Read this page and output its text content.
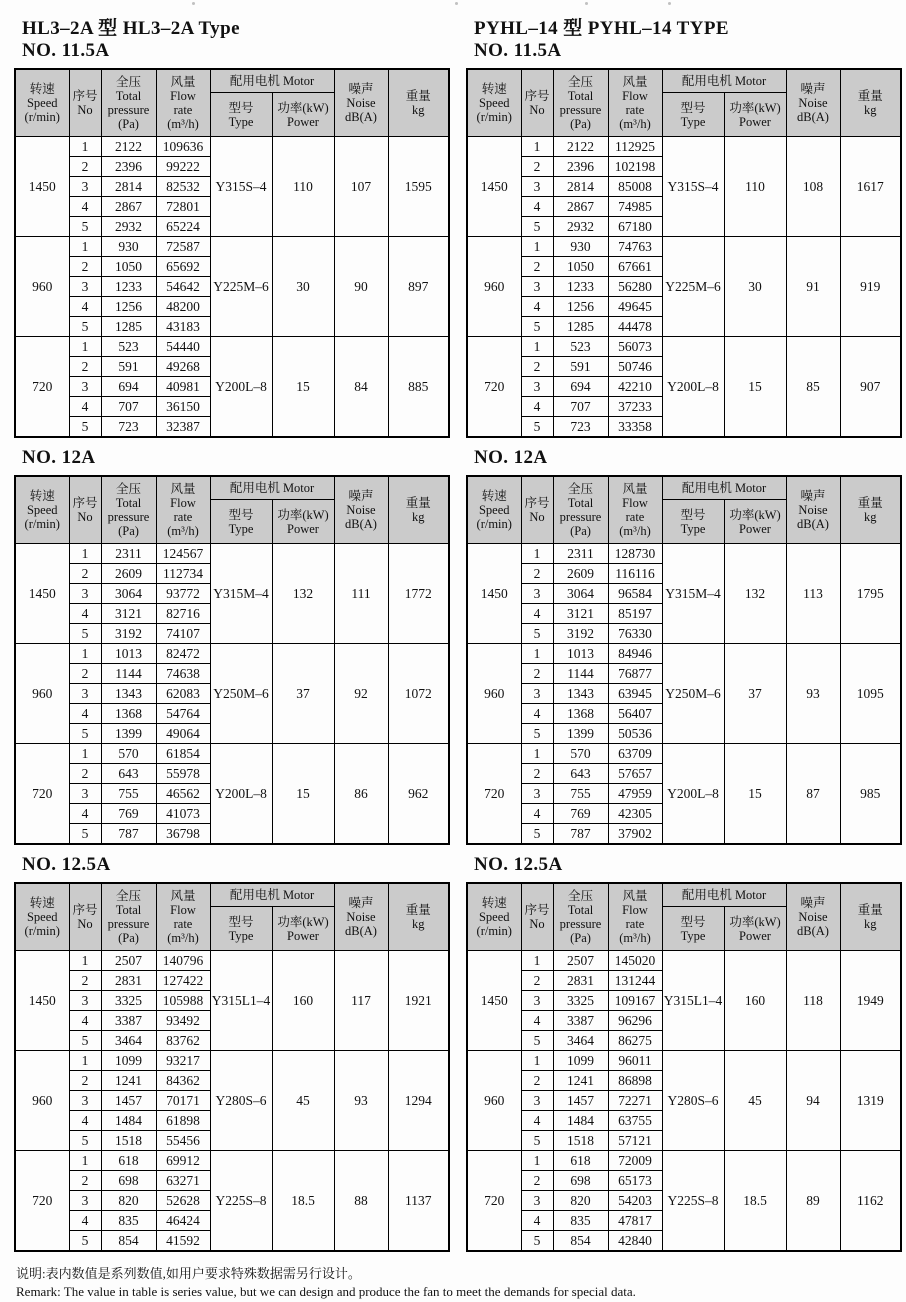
HL3–2A 型 HL3–2A Type
NO. 11.5A
转速
Speed
(r/min)	序号
No	全压
Total
pressure
(Pa)	风量
Flow
rate
(m³/h)	配用电机 Motor		噪声
Noise
dB(A)	重量
kg

				型号
Type	功率(kW)
Power		

1450	1	2122	109636	Y315S–4	110	107	1595
	2	2396	99222				
	3	2814	82532				
	4	2867	72801				
	5	2932	65224				
960	1	930	72587	Y225M–6	30	90	897
	2	1050	65692				
	3	1233	54642				
	4	1256	48200				
	5	1285	43183				
720	1	523	54440	Y200L–8	15	84	885
	2	591	49268				
	3	694	40981				
	4	707	36150				
	5	723	32387				
PYHL–14 型 PYHL–14 TYPE
NO. 11.5A
转速
Speed
(r/min)	序号
No	全压
Total
pressure
(Pa)	风量
Flow
rate
(m³/h)	配用电机 Motor		噪声
Noise
dB(A)	重量
kg

				型号
Type	功率(kW)
Power		

1450	1	2122	112925	Y315S–4	110	108	1617
	2	2396	102198				
	3	2814	85008				
	4	2867	74985				
	5	2932	67180				
960	1	930	74763	Y225M–6	30	91	919
	2	1050	67661				
	3	1233	56280				
	4	1256	49645				
	5	1285	44478				
720	1	523	56073	Y200L–8	15	85	907
	2	591	50746				
	3	694	42210				
	4	707	37233				
	5	723	33358				
NO. 12A
转速
Speed
(r/min)	序号
No	全压
Total
pressure
(Pa)	风量
Flow
rate
(m³/h)	配用电机 Motor		噪声
Noise
dB(A)	重量
kg

				型号
Type	功率(kW)
Power		

1450	1	2311	124567	Y315M–4	132	111	1772
	2	2609	112734				
	3	3064	93772				
	4	3121	82716				
	5	3192	74107				
960	1	1013	82472	Y250M–6	37	92	1072
	2	1144	74638				
	3	1343	62083				
	4	1368	54764				
	5	1399	49064				
720	1	570	61854	Y200L–8	15	86	962
	2	643	55978				
	3	755	46562				
	4	769	41073				
	5	787	36798				
NO. 12A
转速
Speed
(r/min)	序号
No	全压
Total
pressure
(Pa)	风量
Flow
rate
(m³/h)	配用电机 Motor		噪声
Noise
dB(A)	重量
kg

				型号
Type	功率(kW)
Power		

1450	1	2311	128730	Y315M–4	132	113	1795
	2	2609	116116				
	3	3064	96584				
	4	3121	85197				
	5	3192	76330				
960	1	1013	84946	Y250M–6	37	93	1095
	2	1144	76877				
	3	1343	63945				
	4	1368	56407				
	5	1399	50536				
720	1	570	63709	Y200L–8	15	87	985
	2	643	57657				
	3	755	47959				
	4	769	42305				
	5	787	37902				
NO. 12.5A
转速
Speed
(r/min)	序号
No	全压
Total
pressure
(Pa)	风量
Flow
rate
(m³/h)	配用电机 Motor		噪声
Noise
dB(A)	重量
kg

				型号
Type	功率(kW)
Power		

1450	1	2507	140796	Y315L1–4	160	117	1921
	2	2831	127422				
	3	3325	105988				
	4	3387	93492				
	5	3464	83762				
960	1	1099	93217	Y280S–6	45	93	1294
	2	1241	84362				
	3	1457	70171				
	4	1484	61898				
	5	1518	55456				
720	1	618	69912	Y225S–8	18.5	88	1137
	2	698	63271				
	3	820	52628				
	4	835	46424				
	5	854	41592				
NO. 12.5A
转速
Speed
(r/min)	序号
No	全压
Total
pressure
(Pa)	风量
Flow
rate
(m³/h)	配用电机 Motor		噪声
Noise
dB(A)	重量
kg

				型号
Type	功率(kW)
Power		

1450	1	2507	145020	Y315L1–4	160	118	1949
	2	2831	131244				
	3	3325	109167				
	4	3387	96296				
	5	3464	86275				
960	1	1099	96011	Y280S–6	45	94	1319
	2	1241	86898				
	3	1457	72271				
	4	1484	63755				
	5	1518	57121				
720	1	618	72009	Y225S–8	18.5	89	1162
	2	698	65173				
	3	820	54203				
	4	835	47817				
	5	854	42840				
说明:表内数值是系列数值,如用户要求特殊数据需另行设计。
Remark: The value in table is series value, but we can design and produce the fan to meet the demands for special data.
